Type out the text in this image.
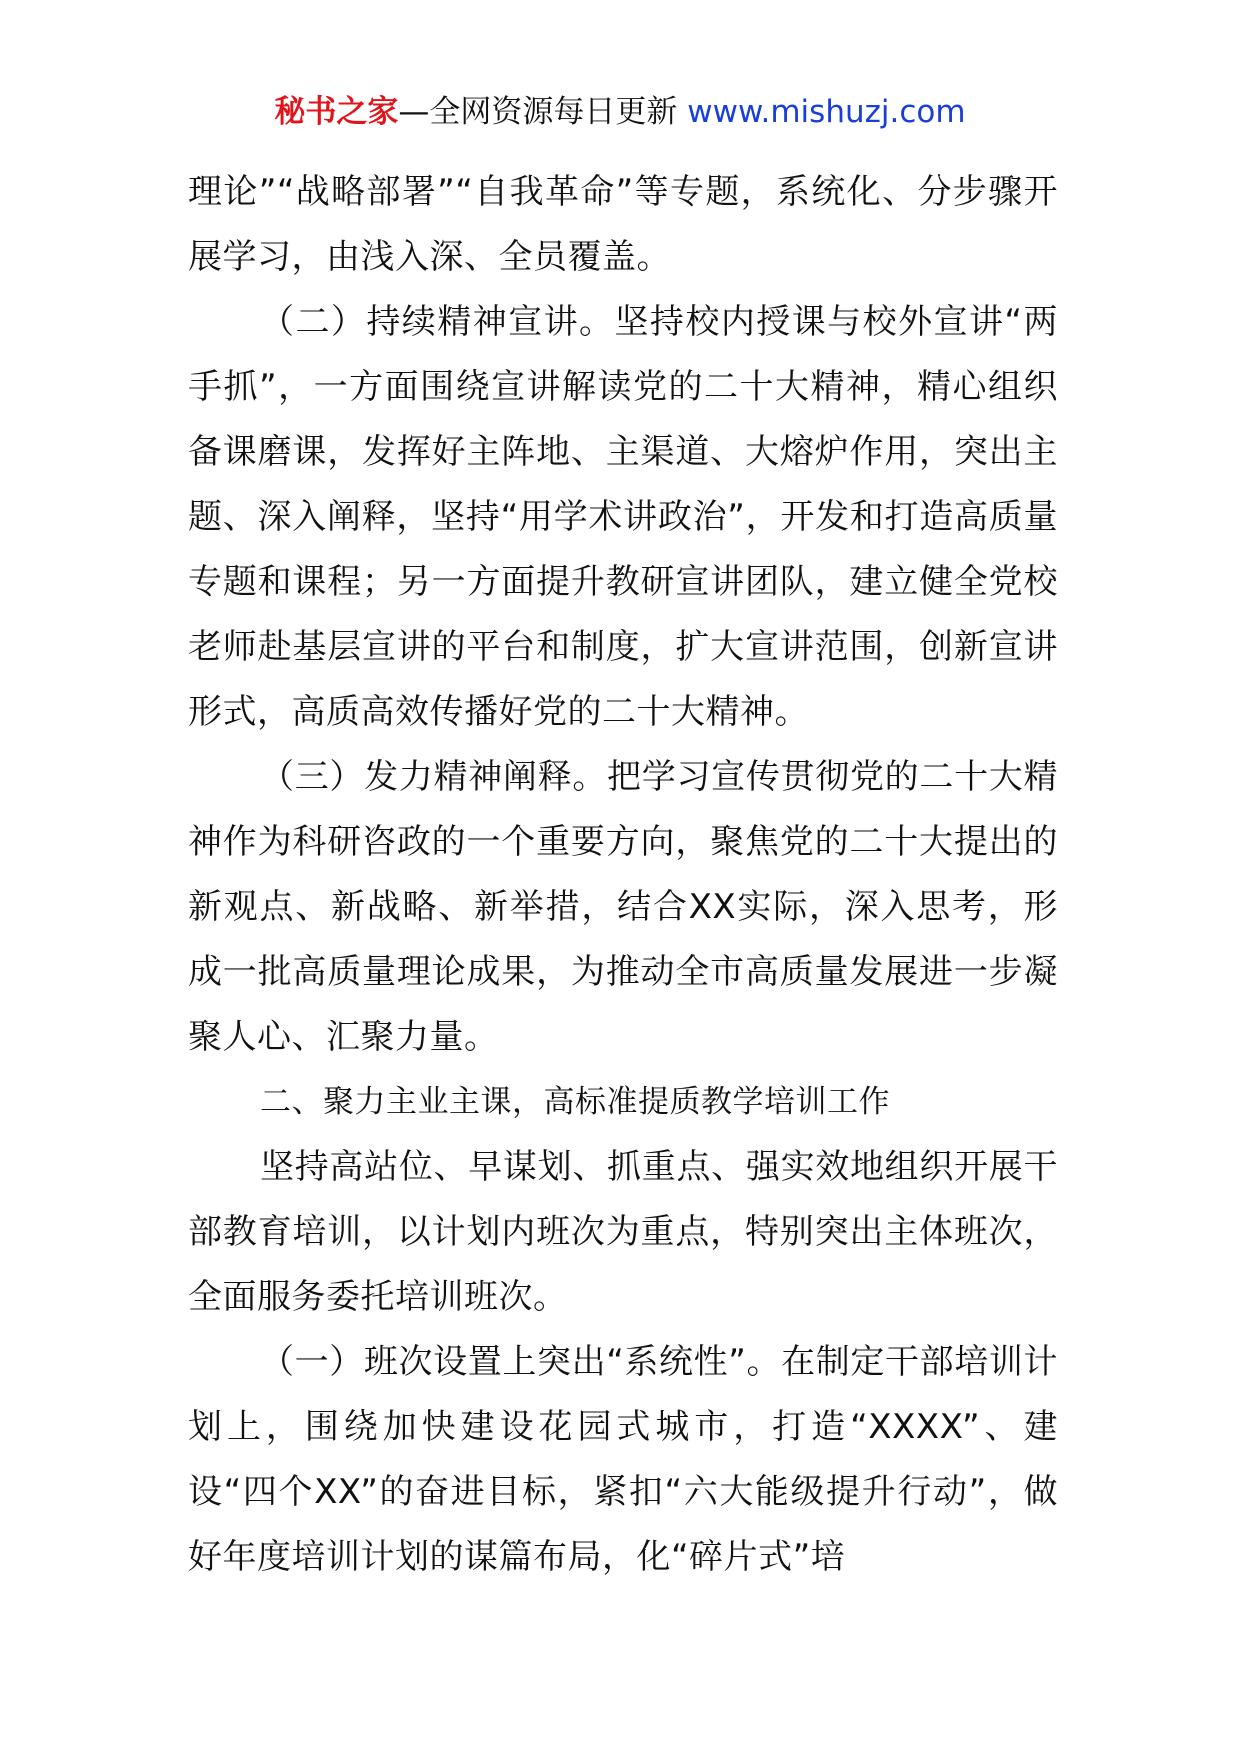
秘书之家—全网资源每日更新 www.mishuzj.com

理论”“战略部署”“自我革命”等专题，系统化、分步骤开展学习，由浅入深、全员覆盖。

（二）持续精神宣讲。坚持校内授课与校外宣讲“两手抓”，一方面围绕宣讲解读党的二十大精神，精心组织备课磨课，发挥好主阵地、主渠道、大熔炉作用，突出主题、深入阐释，坚持“用学术讲政治”，开发和打造高质量专题和课程；另一方面提升教研宣讲团队，建立健全党校老师赴基层宣讲的平台和制度，扩大宣讲范围，创新宣讲形式，高质高效传播好党的二十大精神。

（三）发力精神阐释。把学习宣传贯彻党的二十大精神作为科研咨政的一个重要方向，聚焦党的二十大提出的新观点、新战略、新举措，结合XX实际，深入思考，形成一批高质量理论成果，为推动全市高质量发展进一步凝聚人心、汇聚力量。

二、聚力主业主课，高标准提质教学培训工作

坚持高站位、早谋划、抓重点、强实效地组织开展干部教育培训，以计划内班次为重点，特别突出主体班次，全面服务委托培训班次。

（一）班次设置上突出“系统性”。在制定干部培训计划上，围绕加快建设花园式城市，打造“XXXX”、建设“四个XX”的奋进目标，紧扣“六大能级提升行动”，做好年度培训计划的谋篇布局，化“碎片式”培
